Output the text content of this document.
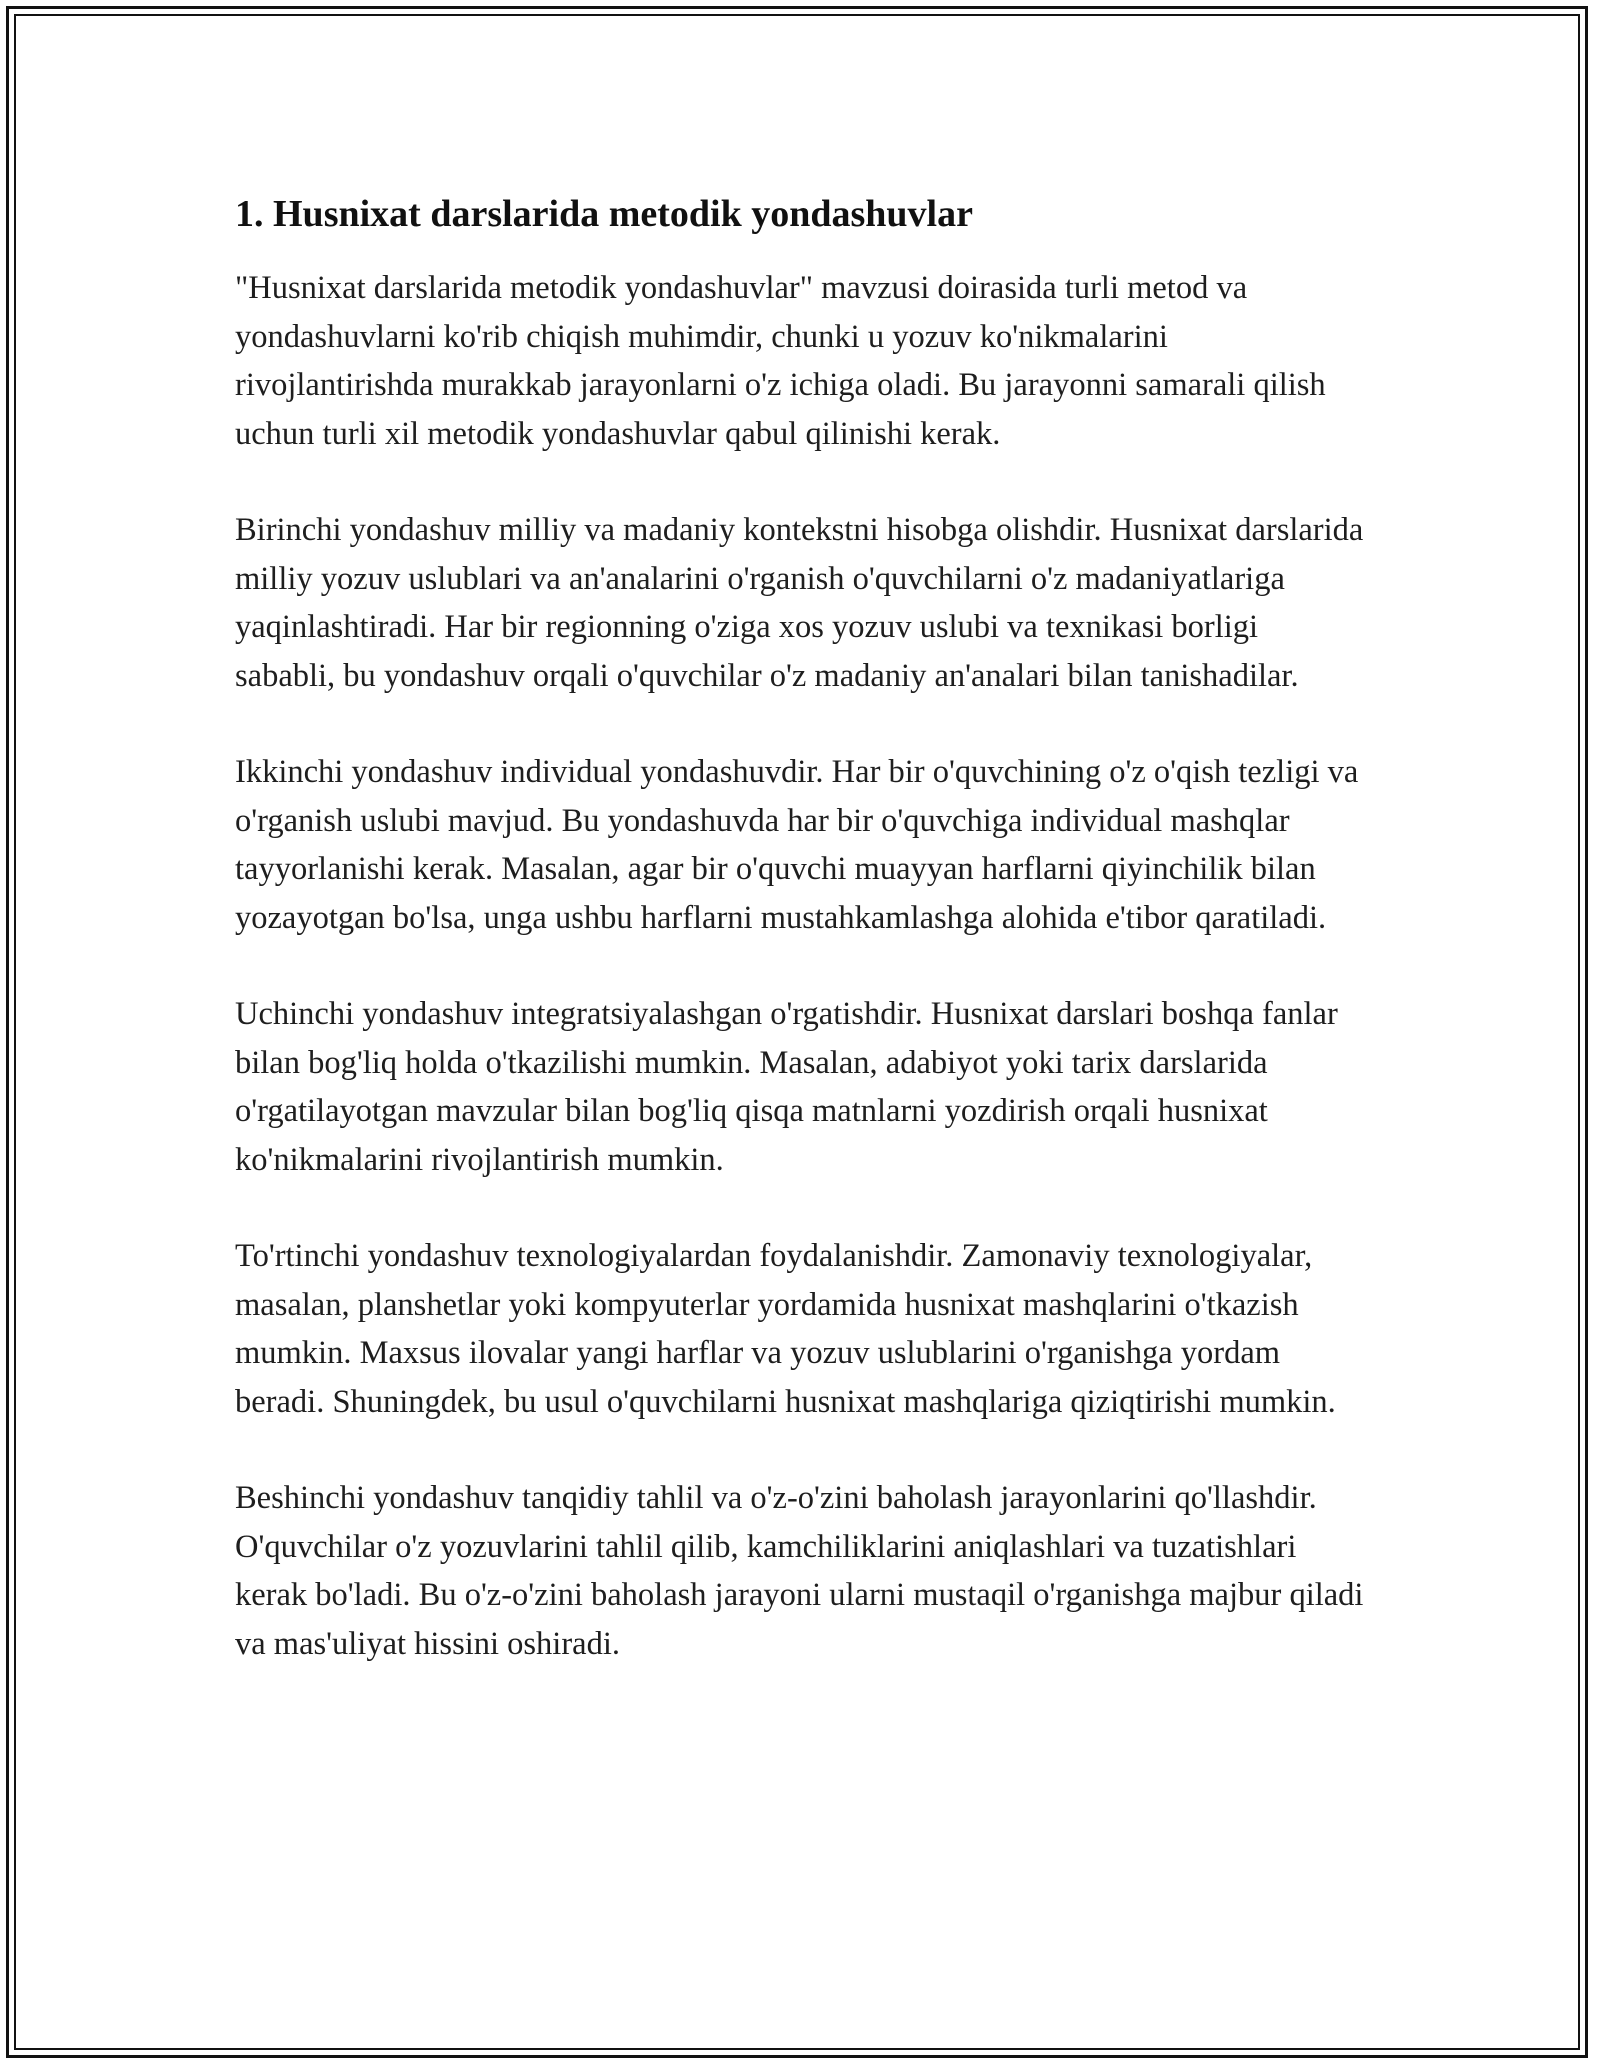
1. Husnixat darslarida metodik yondashuvlar

"Husnixat darslarida metodik yondashuvlar" mavzusi doirasida turli metod va yondashuvlarni ko'rib chiqish muhimdir, chunki u yozuv ko'nikmalarini rivojlantirishda murakkab jarayonlarni o'z ichiga oladi. Bu jarayonni samarali qilish uchun turli xil metodik yondashuvlar qabul qilinishi kerak.

Birinchi yondashuv milliy va madaniy kontekstni hisobga olishdir. Husnixat darslarida milliy yozuv uslublari va an'analarini o'rganish o'quvchilarni o'z madaniyatlariga yaqinlashtiradi. Har bir regionning o'ziga xos yozuv uslubi va texnikasi borligi sababli, bu yondashuv orqali o'quvchilar o'z madaniy an'analari bilan tanishadilar.

Ikkinchi yondashuv individual yondashuvdir. Har bir o'quvchining o'z o'qish tezligi va o'rganish uslubi mavjud. Bu yondashuvda har bir o'quvchiga individual mashqlar tayyorlanishi kerak. Masalan, agar bir o'quvchi muayyan harflarni qiyinchilik bilan yozayotgan bo'lsa, unga ushbu harflarni mustahkamlashga alohida e'tibor qaratiladi.

Uchinchi yondashuv integratsiyalashgan o'rgatishdir. Husnixat darslari boshqa fanlar bilan bog'liq holda o'tkazilishi mumkin. Masalan, adabiyot yoki tarix darslarida o'rgatilayotgan mavzular bilan bog'liq qisqa matnlarni yozdirish orqali husnixat ko'nikmalarini rivojlantirish mumkin.

To'rtinchi yondashuv texnologiyalardan foydalanishdir. Zamonaviy texnologiyalar, masalan, planshetlar yoki kompyuterlar yordamida husnixat mashqlarini o'tkazish mumkin. Maxsus ilovalar yangi harflar va yozuv uslublarini o'rganishga yordam beradi. Shuningdek, bu usul o'quvchilarni husnixat mashqlariga qiziqtirishi mumkin.

Beshinchi yondashuv tanqidiy tahlil va o'z-o'zini baholash jarayonlarini qo'llashdir. O'quvchilar o'z yozuvlarini tahlil qilib, kamchiliklarini aniqlashlari va tuzatishlari kerak bo'ladi. Bu o'z-o'zini baholash jarayoni ularni mustaqil o'rganishga majbur qiladi va mas'uliyat hissini oshiradi.
